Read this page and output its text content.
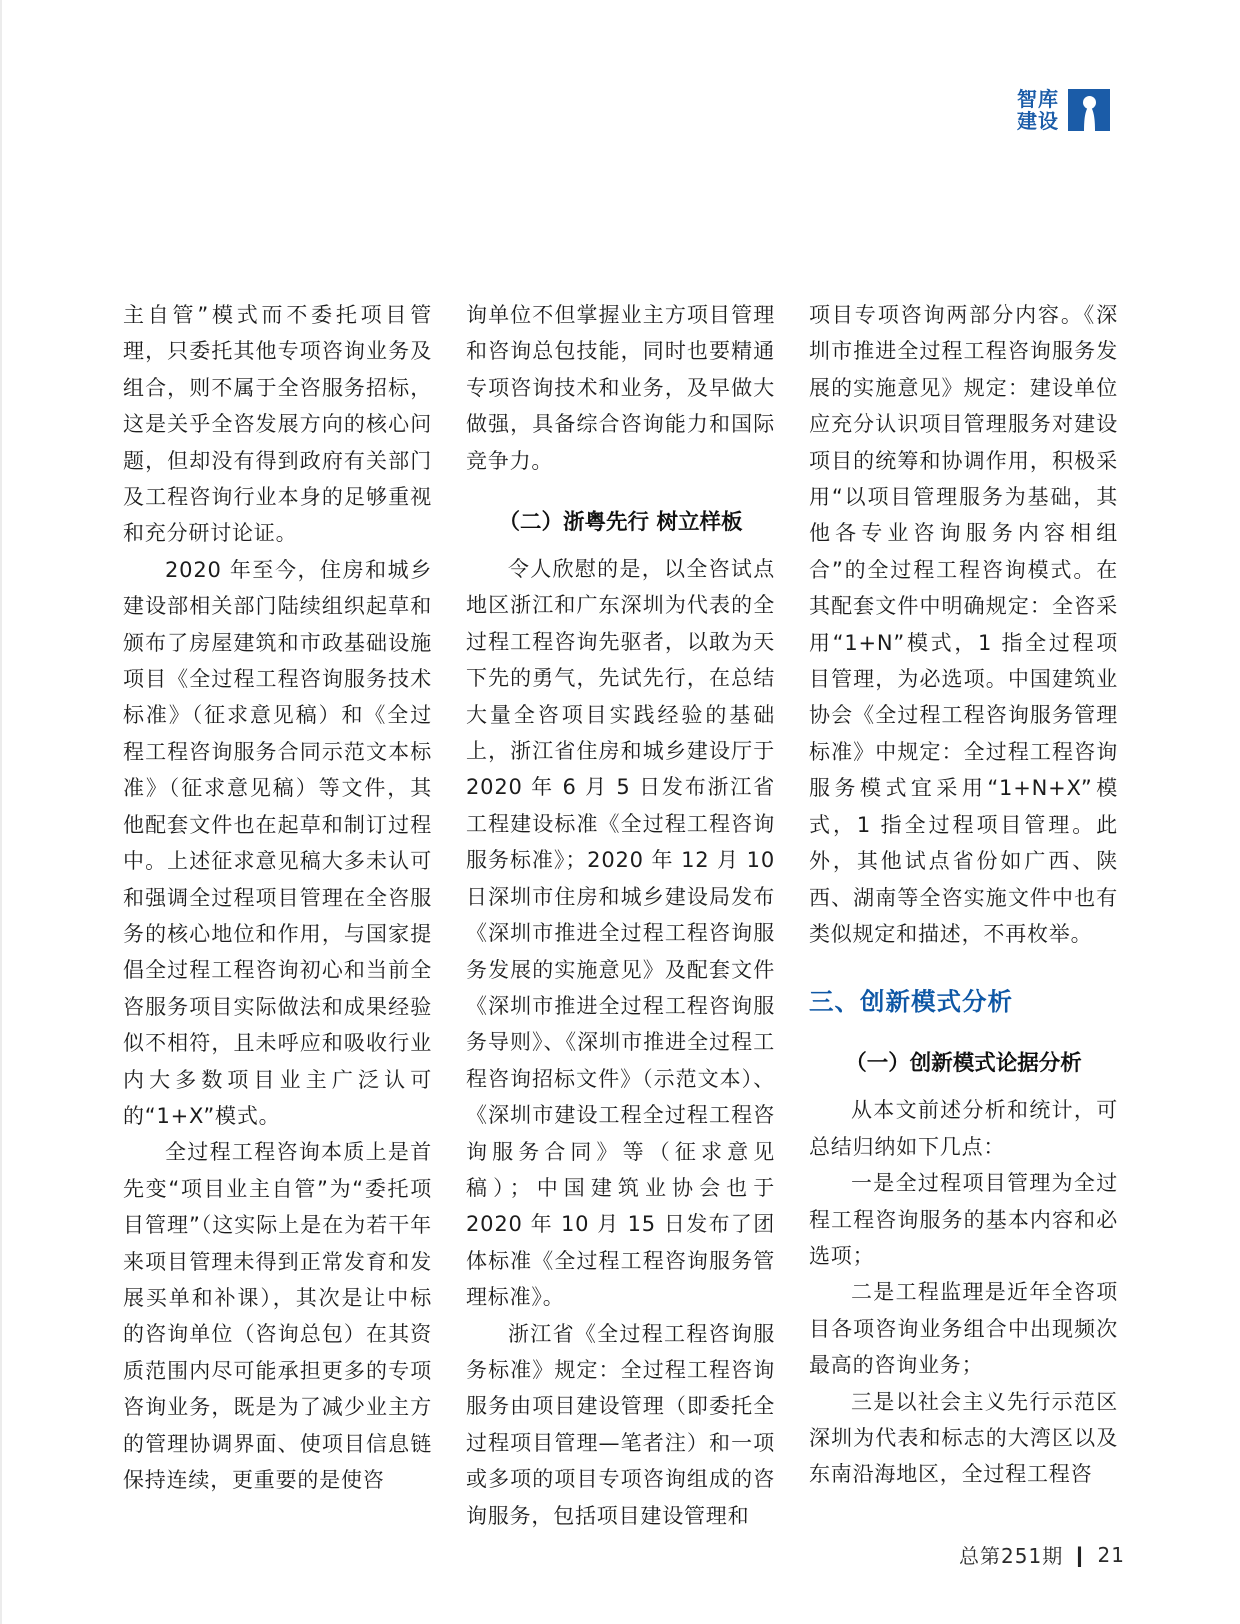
智库
建设

主自管”模式而不委托项目管理，只委托其他专项咨询业务及组合，则不属于全咨服务招标，这是关乎全咨发展方向的核心问题，但却没有得到政府有关部门及工程咨询行业本身的足够重视和充分研讨论证。

2020 年至今，住房和城乡建设部相关部门陆续组织起草和颁布了房屋建筑和市政基础设施项目《全过程工程咨询服务技术标准》（征求意见稿）和《全过程工程咨询服务合同示范文本标准》（征求意见稿）等文件，其他配套文件也在起草和制订过程中。上述征求意见稿大多未认可和强调全过程项目管理在全咨服务的核心地位和作用，与国家提倡全过程工程咨询初心和当前全咨服务项目实际做法和成果经验似不相符，且未呼应和吸收行业内大多数项目业主广泛认可的“1+X”模式。

全过程工程咨询本质上是首先变“项目业主自管”为“委托项目管理”（这实际上是在为若干年来项目管理未得到正常发育和发展买单和补课），其次是让中标的咨询单位（咨询总包）在其资质范围内尽可能承担更多的专项咨询业务，既是为了减少业主方的管理协调界面、使项目信息链保持连续，更重要的是使咨

询单位不但掌握业主方项目管理和咨询总包技能，同时也要精通专项咨询技术和业务，及早做大做强，具备综合咨询能力和国际竞争力。

（二）浙粤先行 树立样板

令人欣慰的是，以全咨试点地区浙江和广东深圳为代表的全过程工程咨询先驱者，以敢为天下先的勇气，先试先行，在总结大量全咨项目实践经验的基础上，浙江省住房和城乡建设厅于 2020 年 6 月 5 日发布浙江省工程建设标准《全过程工程咨询服务标准》；2020 年 12 月 10 日深圳市住房和城乡建设局发布《深圳市推进全过程工程咨询服务发展的实施意见》及配套文件《深圳市推进全过程工程咨询服务导则》、《深圳市推进全过程工程咨询招标文件》（示范文本）、《深圳市建设工程全过程工程咨询服务合同》等（征求意见稿）；中国建筑业协会也于 2020 年 10 月 15 日发布了团体标准《全过程工程咨询服务管理标准》。

浙江省《全过程工程咨询服务标准》规定：全过程工程咨询服务由项目建设管理（即委托全过程项目管理—笔者注）和一项或多项的项目专项咨询组成的咨询服务，包括项目建设管理和

项目专项咨询两部分内容。《深圳市推进全过程工程咨询服务发展的实施意见》规定：建设单位应充分认识项目管理服务对建设项目的统筹和协调作用，积极采用“以项目管理服务为基础，其他各专业咨询服务内容相组合”的全过程工程咨询模式。在其配套文件中明确规定：全咨采用“1+N”模式，1 指全过程项目管理，为必选项。中国建筑业协会《全过程工程咨询服务管理标准》中规定：全过程工程咨询服务模式宜采用“1+N+X”模式，1 指全过程项目管理。此外，其他试点省份如广西、陕西、湖南等全咨实施文件中也有类似规定和描述，不再枚举。

三、创新模式分析
（一）创新模式论据分析

从本文前述分析和统计，可总结归纳如下几点：

一是全过程项目管理为全过程工程咨询服务的基本内容和必选项；

二是工程监理是近年全咨项目各项咨询业务组合中出现频次最高的咨询业务；

三是以社会主义先行示范区深圳为代表和标志的大湾区以及东南沿海地区，全过程工程咨

总第251期 | 21
